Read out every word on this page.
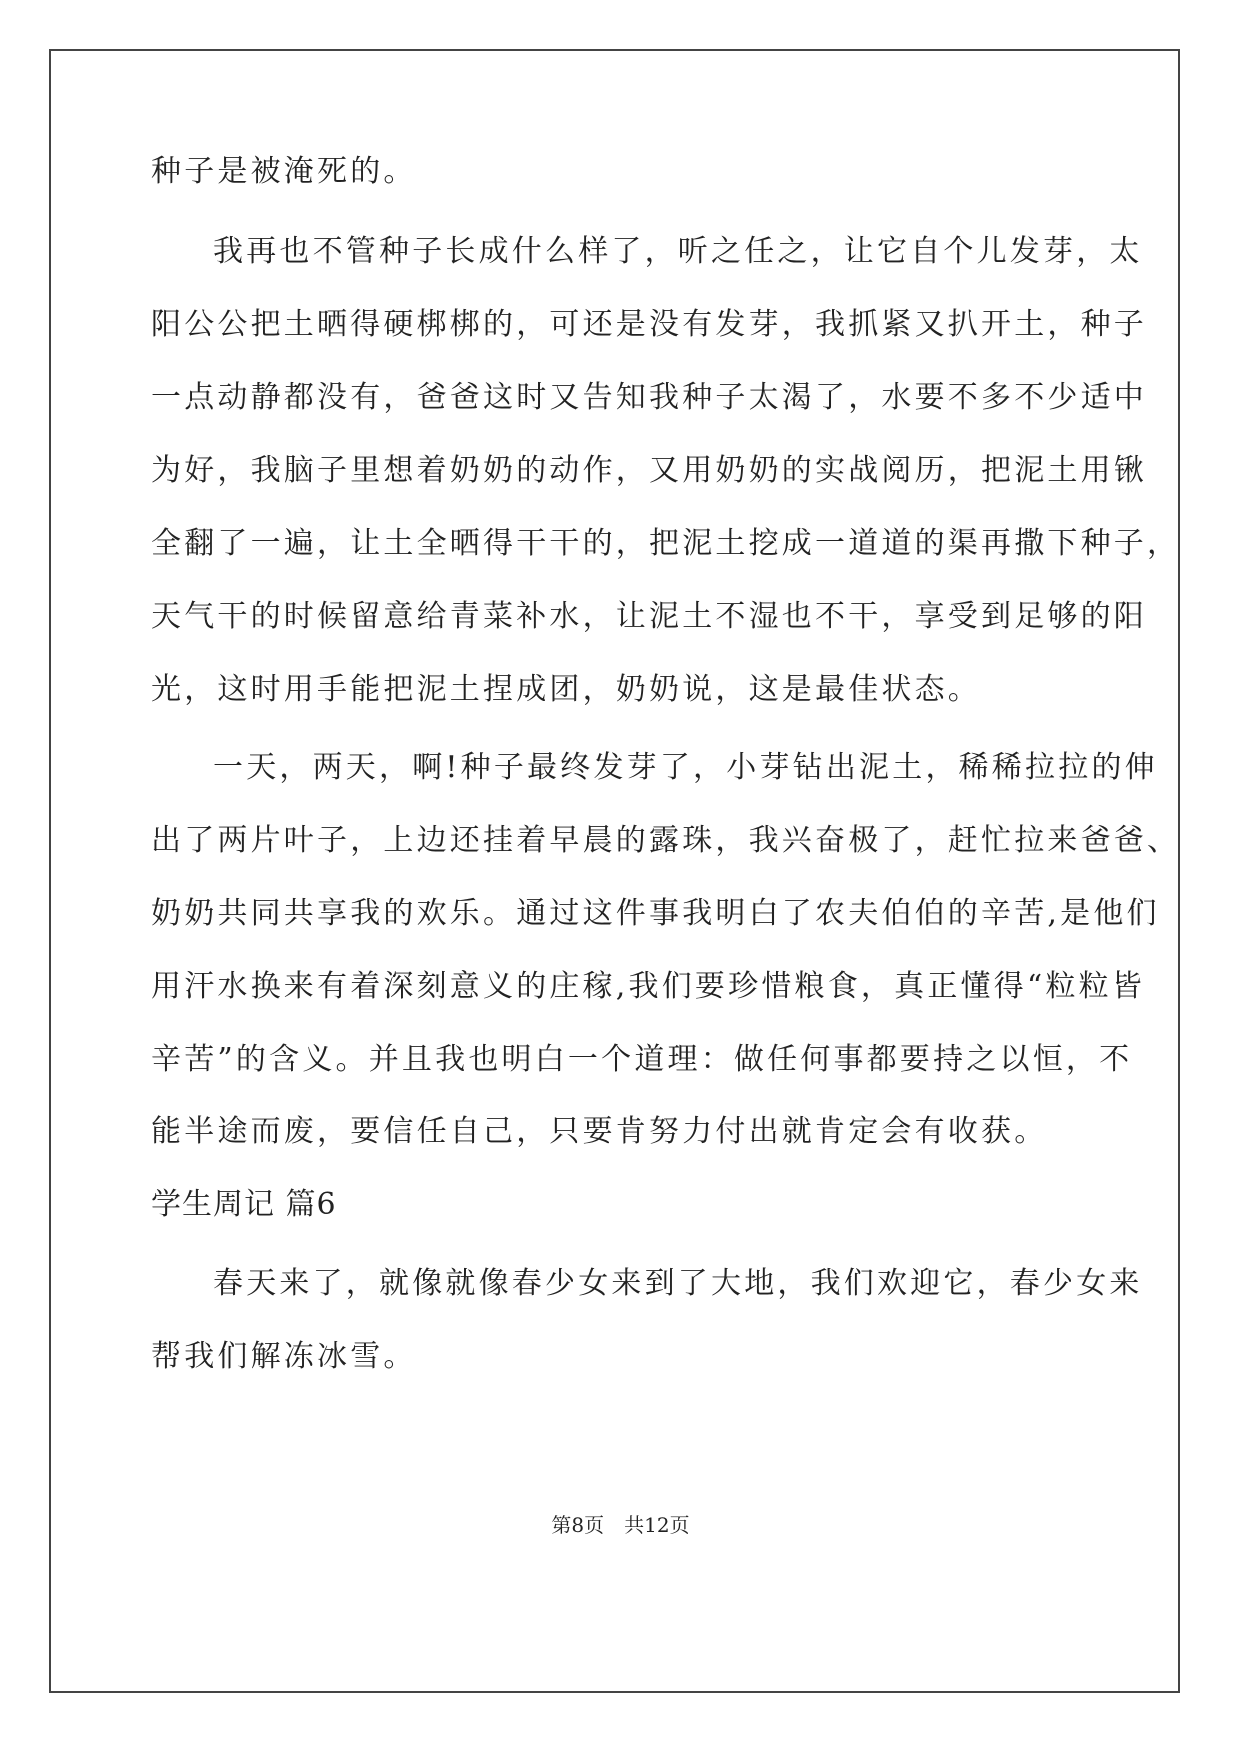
种子是被淹死的。
我再也不管种子长成什么样了，听之任之，让它自个儿发芽，太
阳公公把土晒得硬梆梆的，可还是没有发芽，我抓紧又扒开土，种子
一点动静都没有，爸爸这时又告知我种子太渴了，水要不多不少适中
为好，我脑子里想着奶奶的动作，又用奶奶的实战阅历，把泥土用锹
全翻了一遍，让土全晒得干干的，把泥土挖成一道道的渠再撒下种子，
天气干的时候留意给青菜补水，让泥土不湿也不干，享受到足够的阳
光，这时用手能把泥土捏成团，奶奶说，这是最佳状态。
一天，两天，啊!种子最终发芽了，小芽钻出泥土，稀稀拉拉的伸
出了两片叶子，上边还挂着早晨的露珠，我兴奋极了，赶忙拉来爸爸、
奶奶共同共享我的欢乐。通过这件事我明白了农夫伯伯的辛苦,是他们
用汗水换来有着深刻意义的庄稼,我们要珍惜粮食，真正懂得“粒粒皆
辛苦”的含义。并且我也明白一个道理：做任何事都要持之以恒，不
能半途而废，要信任自己，只要肯努力付出就肯定会有收获。
学生周记 篇6
春天来了，就像就像春少女来到了大地，我们欢迎它，春少女来
帮我们解冻冰雪。
第8页 共12页
